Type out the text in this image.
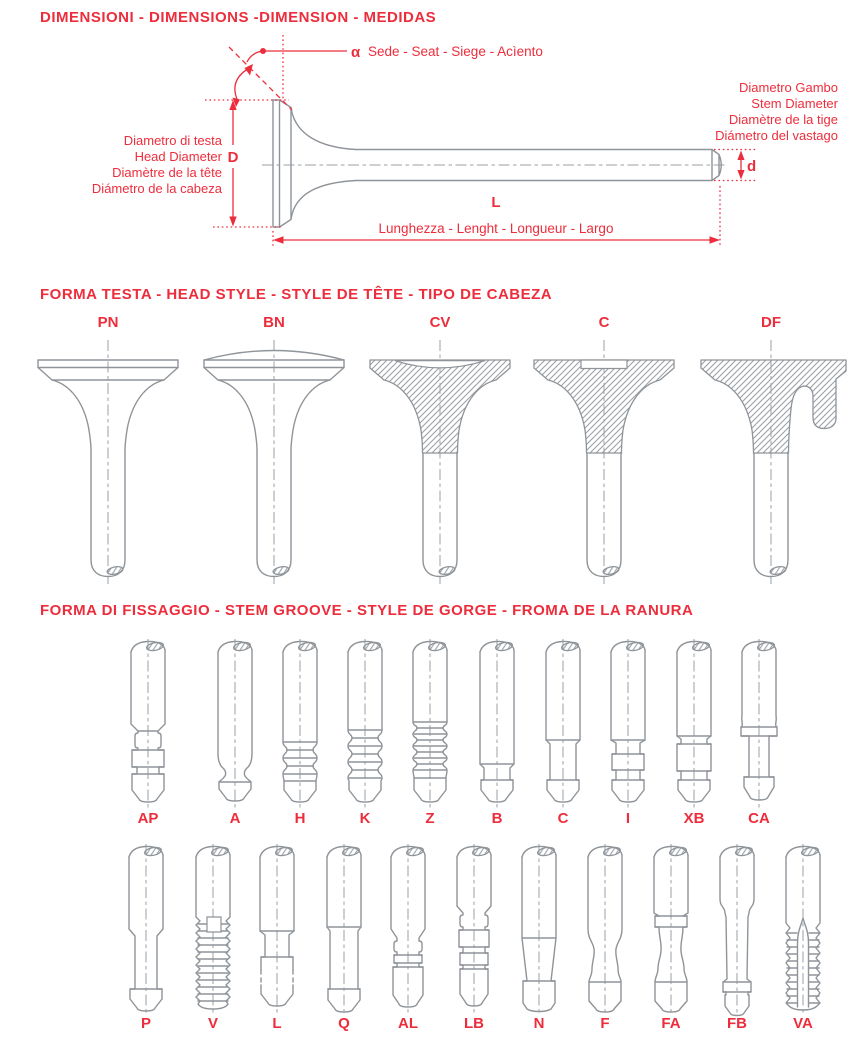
DIMENSIONI - DIMENSIONS -DIMENSION - MEDIDAS
α Sede - Seat - Siege - Acìento
D
d
L
Lunghezza - Lenght - Longueur - Largo
Diametro di testa
Head Diameter
Diamètre de la tête
Diámetro de la cabeza
Diametro Gambo
Stem Diameter
Diamètre de la tige
Diámetro del vastago
FORMA TESTA - HEAD STYLE - STYLE DE TÊTE - TIPO DE CABEZA
PN	BN	CV	C	DF
FORMA DI FISSAGGIO - STEM GROOVE - STYLE DE GORGE - FROMA DE LA RANURA
AP	A	H	K	Z	B	C	I	XB	CA
P	V	L	Q	AL	LB	N	F	FA	FB	VA
